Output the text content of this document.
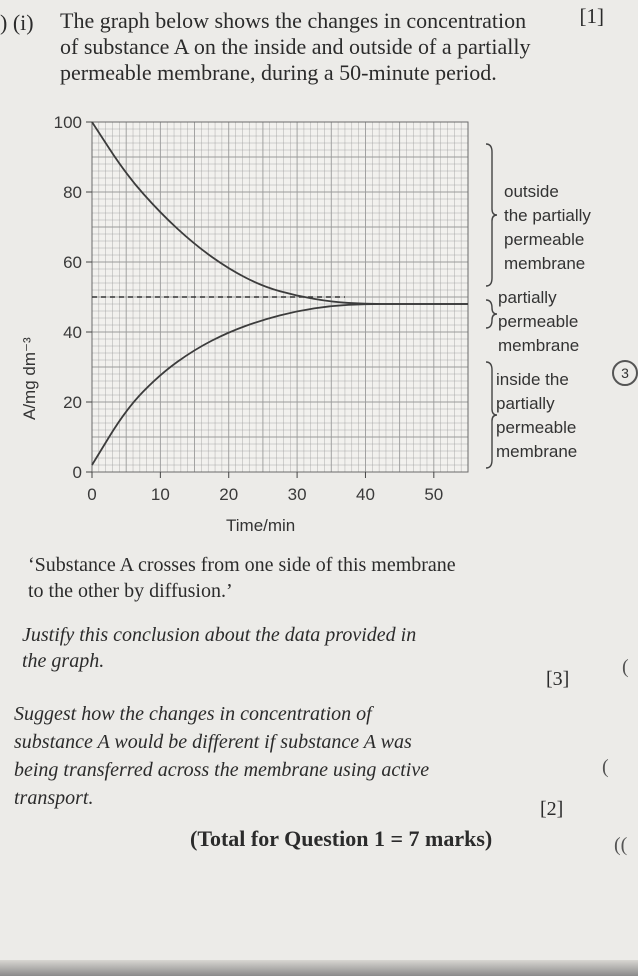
[1]
) (i) The graph below shows the changes in concentration
of substance A on the inside and outside of a partially
permeable membrane, during a 50-minute period.
A/mg dm⁻³
0
20
40
60
80
100
0	10	20	30	40	50
outside
the partially
permeable
membrane
partially
permeable
membrane
inside the
partially
permeable
membrane
Time/min
3
(
(
((
‘Substance A crosses from one side of this membrane
to the other by diffusion.’
Justify this conclusion about the data provided in
the graph.
[3]
Suggest how the changes in concentration of
substance A would be different if substance A was
being transferred across the membrane using active
transport.	[2]
(Total for Question 1 = 7 marks)
